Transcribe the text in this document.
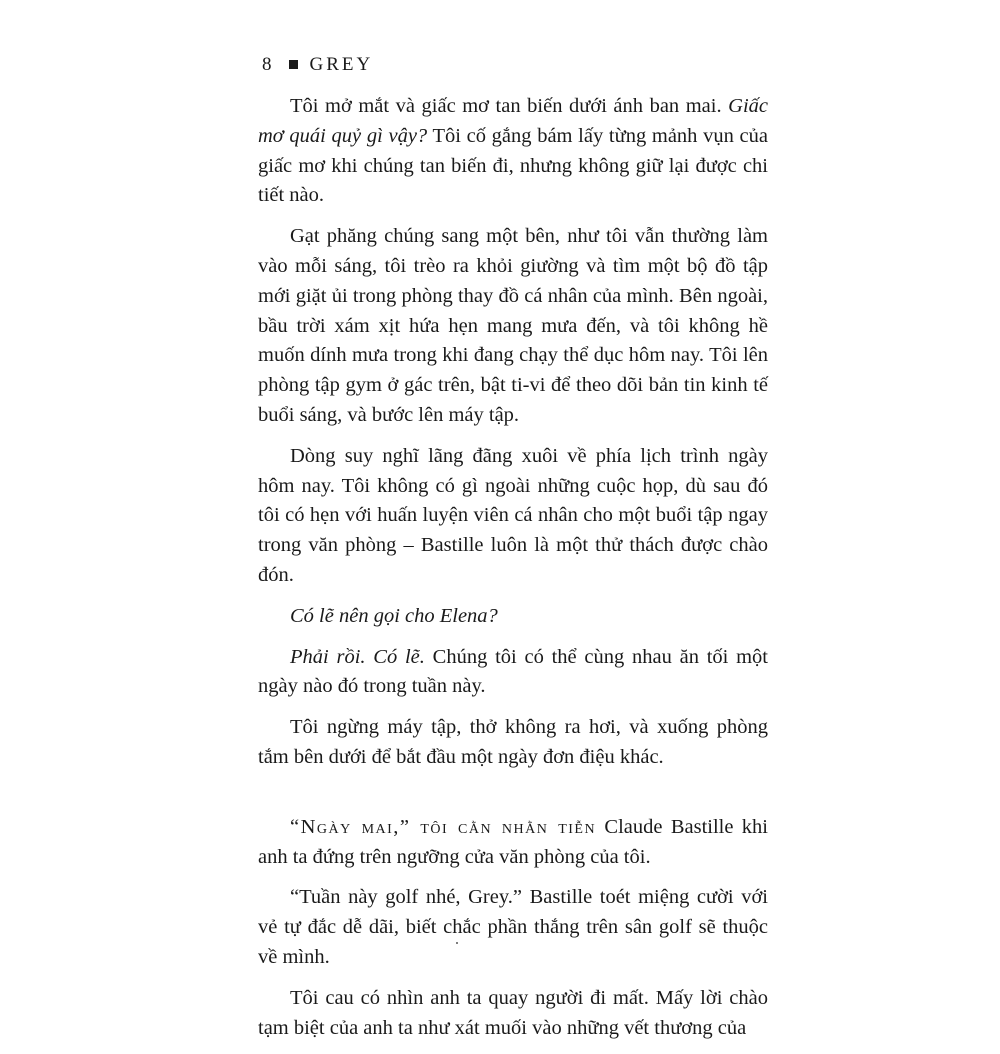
8 GREY

Tôi mở mắt và giấc mơ tan biến dưới ánh ban mai. Giấc mơ quái quỷ gì vậy? Tôi cố gắng bám lấy từng mảnh vụn của giấc mơ khi chúng tan biến đi, nhưng không giữ lại được chi tiết nào.

Gạt phăng chúng sang một bên, như tôi vẫn thường làm vào mỗi sáng, tôi trèo ra khỏi giường và tìm một bộ đồ tập mới giặt ủi trong phòng thay đồ cá nhân của mình. Bên ngoài, bầu trời xám xịt hứa hẹn mang mưa đến, và tôi không hề muốn dính mưa trong khi đang chạy thể dục hôm nay. Tôi lên phòng tập gym ở gác trên, bật ti-vi để theo dõi bản tin kinh tế buổi sáng, và bước lên máy tập.

Dòng suy nghĩ lãng đãng xuôi về phía lịch trình ngày hôm nay. Tôi không có gì ngoài những cuộc họp, dù sau đó tôi có hẹn với huấn luyện viên cá nhân cho một buổi tập ngay trong văn phòng – Bastille luôn là một thử thách được chào đón.

Có lẽ nên gọi cho Elena?

Phải rồi. Có lẽ. Chúng tôi có thể cùng nhau ăn tối một ngày nào đó trong tuần này.

Tôi ngừng máy tập, thở không ra hơi, và xuống phòng tắm bên dưới để bắt đầu một ngày đơn điệu khác.

“Ngày mai,” tôi cằn nhằn tiễn Claude Bastille khi anh ta đứng trên ngưỡng cửa văn phòng của tôi.

“Tuần này golf nhé, Grey.” Bastille toét miệng cười với vẻ tự đắc dễ dãi, biết chắc phần thắng trên sân golf sẽ thuộc về mình.

Tôi cau có nhìn anh ta quay người đi mất. Mấy lời chào tạm biệt của anh ta như xát muối vào những vết thương của
